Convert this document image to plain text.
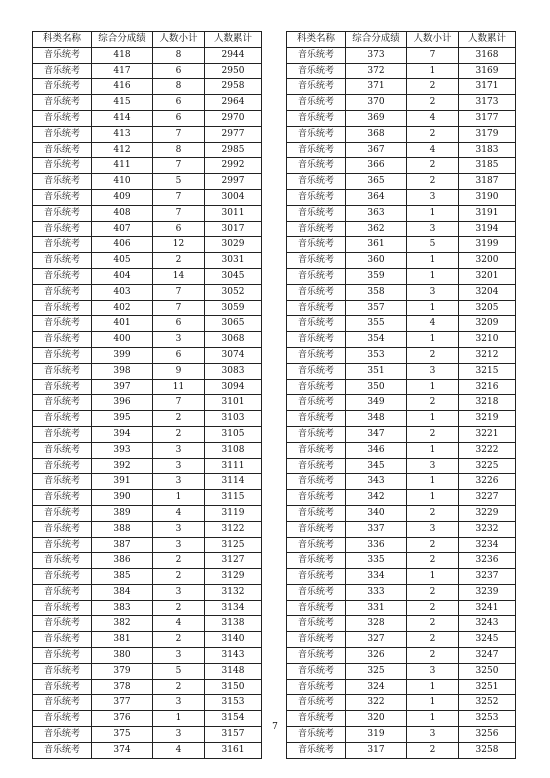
科类名称	综合分成绩	人数小计	人数累计
音乐统考	418	8	2944
音乐统考	417	6	2950
音乐统考	416	8	2958
音乐统考	415	6	2964
音乐统考	414	6	2970
音乐统考	413	7	2977
音乐统考	412	8	2985
音乐统考	411	7	2992
音乐统考	410	5	2997
音乐统考	409	7	3004
音乐统考	408	7	3011
音乐统考	407	6	3017
音乐统考	406	12	3029
音乐统考	405	2	3031
音乐统考	404	14	3045
音乐统考	403	7	3052
音乐统考	402	7	3059
音乐统考	401	6	3065
音乐统考	400	3	3068
音乐统考	399	6	3074
音乐统考	398	9	3083
音乐统考	397	11	3094
音乐统考	396	7	3101
音乐统考	395	2	3103
音乐统考	394	2	3105
音乐统考	393	3	3108
音乐统考	392	3	3111
音乐统考	391	3	3114
音乐统考	390	1	3115
音乐统考	389	4	3119
音乐统考	388	3	3122
音乐统考	387	3	3125
音乐统考	386	2	3127
音乐统考	385	2	3129
音乐统考	384	3	3132
音乐统考	383	2	3134
音乐统考	382	4	3138
音乐统考	381	2	3140
音乐统考	380	3	3143
音乐统考	379	5	3148
音乐统考	378	2	3150
音乐统考	377	3	3153
音乐统考	376	1	3154
音乐统考	375	3	3157
音乐统考	374	4	3161
科类名称	综合分成绩	人数小计	人数累计
音乐统考	373	7	3168
音乐统考	372	1	3169
音乐统考	371	2	3171
音乐统考	370	2	3173
音乐统考	369	4	3177
音乐统考	368	2	3179
音乐统考	367	4	3183
音乐统考	366	2	3185
音乐统考	365	2	3187
音乐统考	364	3	3190
音乐统考	363	1	3191
音乐统考	362	3	3194
音乐统考	361	5	3199
音乐统考	360	1	3200
音乐统考	359	1	3201
音乐统考	358	3	3204
音乐统考	357	1	3205
音乐统考	355	4	3209
音乐统考	354	1	3210
音乐统考	353	2	3212
音乐统考	351	3	3215
音乐统考	350	1	3216
音乐统考	349	2	3218
音乐统考	348	1	3219
音乐统考	347	2	3221
音乐统考	346	1	3222
音乐统考	345	3	3225
音乐统考	343	1	3226
音乐统考	342	1	3227
音乐统考	340	2	3229
音乐统考	337	3	3232
音乐统考	336	2	3234
音乐统考	335	2	3236
音乐统考	334	1	3237
音乐统考	333	2	3239
音乐统考	331	2	3241
音乐统考	328	2	3243
音乐统考	327	2	3245
音乐统考	326	2	3247
音乐统考	325	3	3250
音乐统考	324	1	3251
音乐统考	322	1	3252
音乐统考	320	1	3253
音乐统考	319	3	3256
音乐统考	317	2	3258
7
